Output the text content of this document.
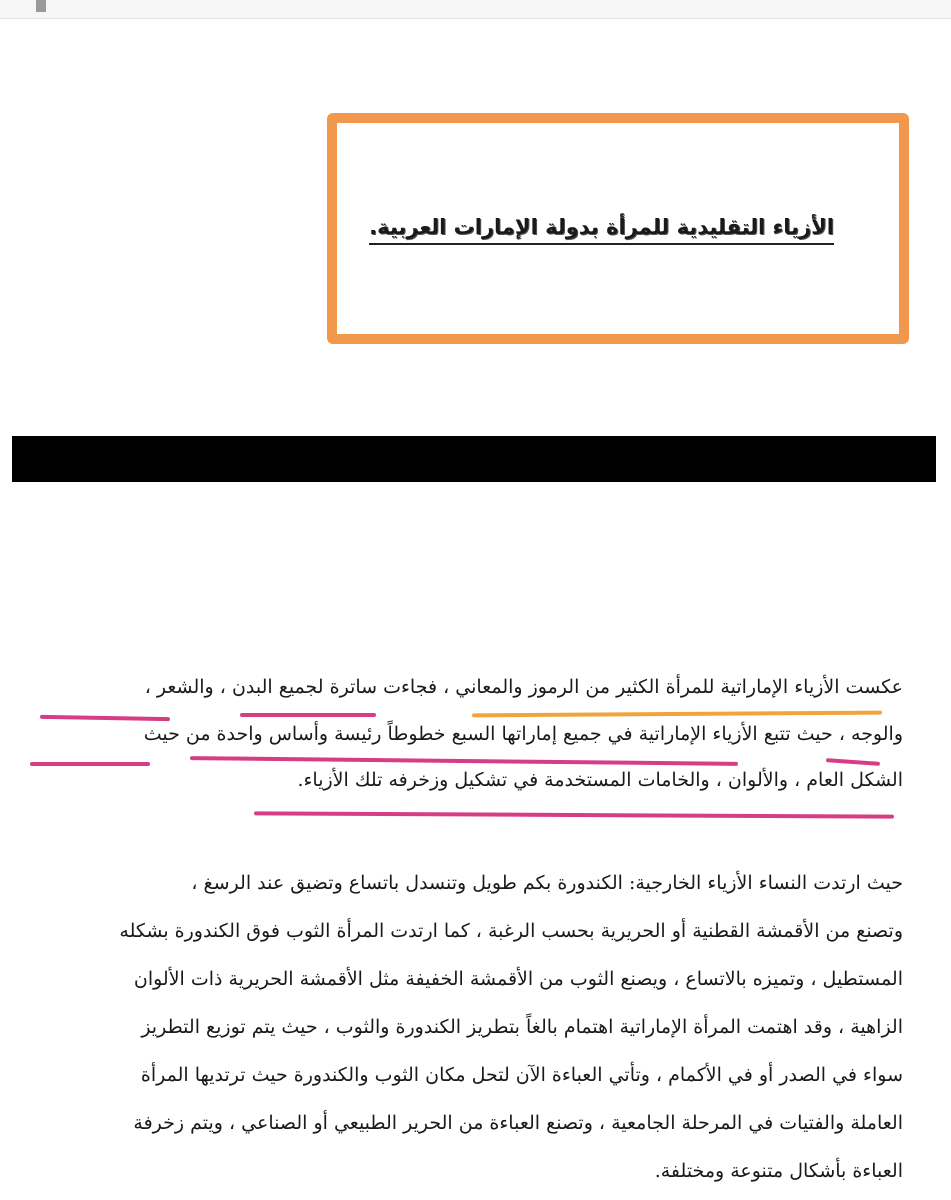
الأزياء التقليدية للمرأة بدولة الإمارات العربية.
عكست الأزياء الإماراتية للمرأة الكثير من الرموز والمعاني ، فجاءت ساترة لجميع البدن ، والشعر ،
والوجه ، حيث تتبع الأزياء الإماراتية في جميع إماراتها السبع خطوطاً رئيسة وأساس واحدة من حيث
الشكل العام ، والألوان ، والخامات المستخدمة في تشكيل وزخرفه تلك الأزياء.
حيث ارتدت النساء الأزياء الخارجية: الكندورة بكم طويل وتنسدل باتساع وتضيق عند الرسغ ،
وتصنع من الأقمشة القطنية أو الحريرية بحسب الرغبة ، كما ارتدت المرأة الثوب فوق الكندورة بشكله
المستطيل ، وتميزه بالاتساع ، ويصنع الثوب من الأقمشة الخفيفة مثل الأقمشة الحريرية ذات الألوان
الزاهية ، وقد اهتمت المرأة الإماراتية اهتمام بالغاً بتطريز الكندورة والثوب ، حيث يتم توزيع التطريز
سواء في الصدر أو في الأكمام ، وتأتي العباءة الآن لتحل مكان الثوب والكندورة حيث ترتديها المرأة
العاملة والفتيات في المرحلة الجامعية ، وتصنع العباءة من الحرير الطبيعي أو الصناعي ، ويتم زخرفة
العباءة بأشكال متنوعة ومختلفة.
